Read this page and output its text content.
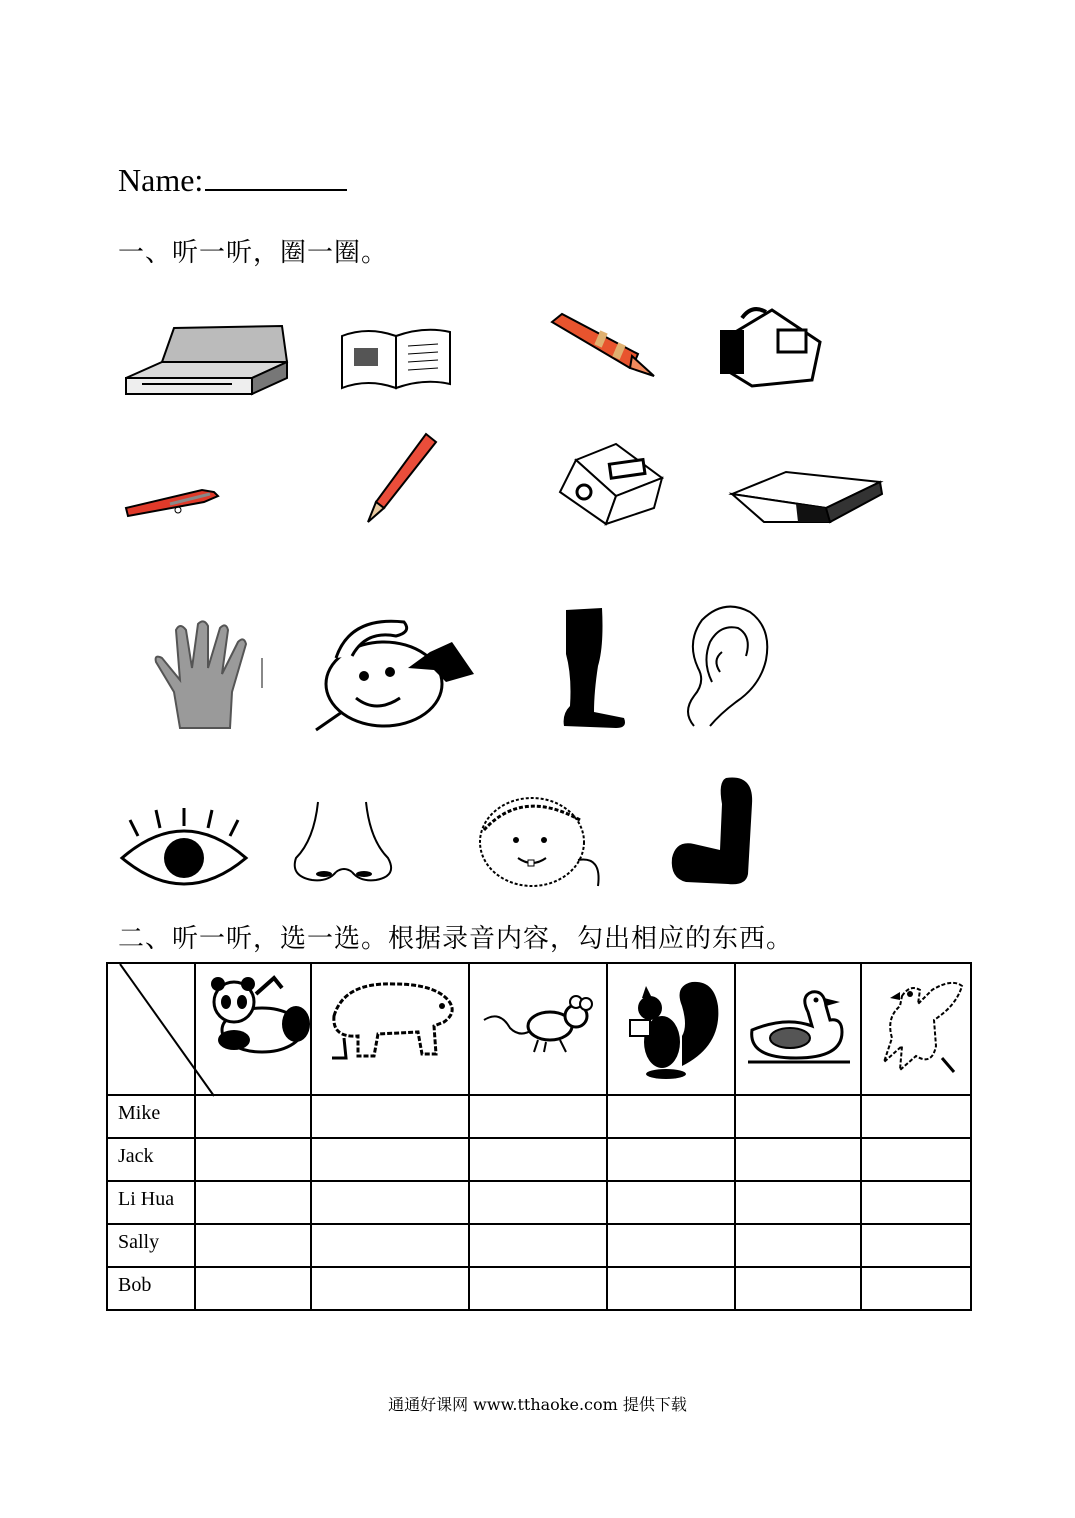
Name:
一、听一听，圈一圈。
二、听一听，选一选。根据录音内容，勾出相应的东西。

Mike						
Jack						
Li Hua						
Sally						
Bob						
通通好课网 www.tthaoke.com 提供下载
